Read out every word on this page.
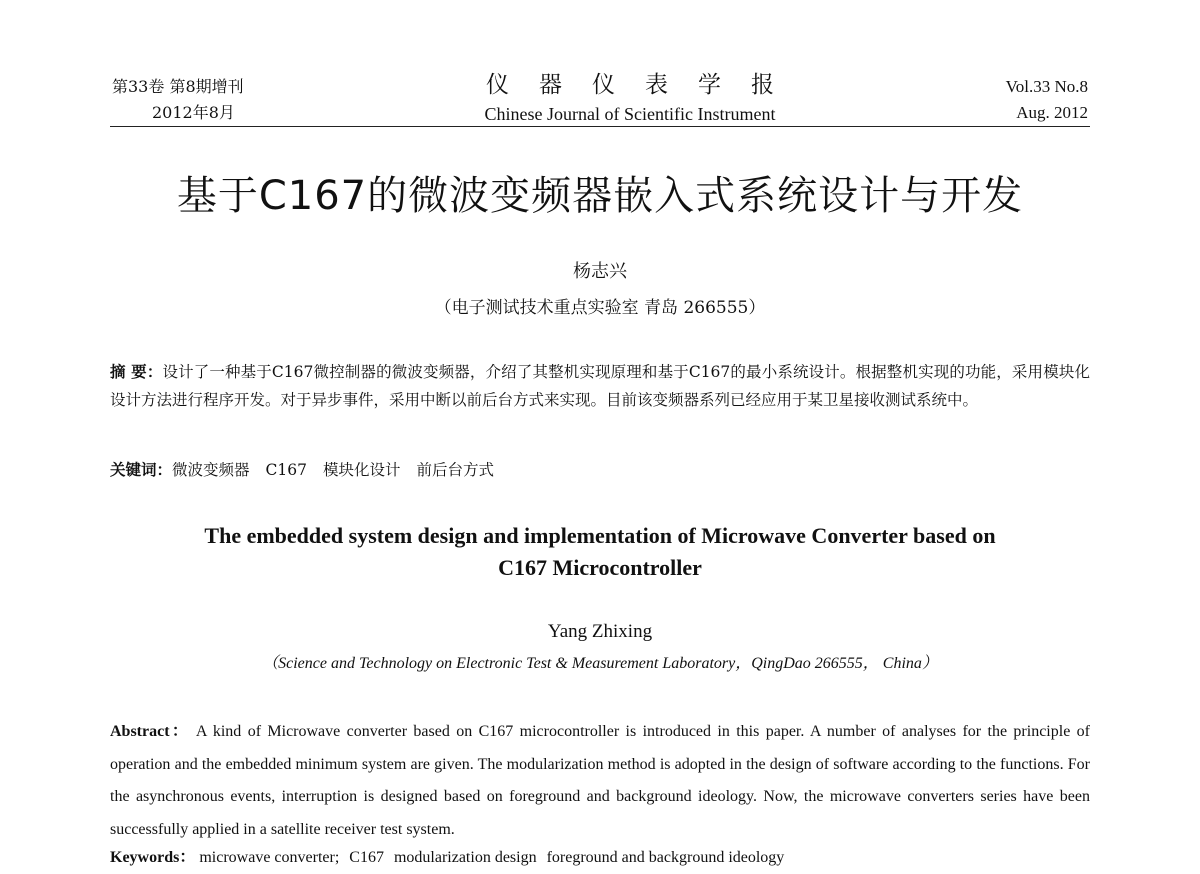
第33卷 第8期增刊
2012年8月
仪器仪表学报
Chinese Journal of Scientific Instrument
Vol.33 No.8
Aug. 2012
基于C167的微波变频器嵌入式系统设计与开发
杨志兴
（电子测试技术重点实验室 青岛 266555）
摘 要：设计了一种基于C167微控制器的微波变频器，介绍了其整机实现原理和基于C167的最小系统设计。根据整机实现的功能，采用模块化设计方法进行程序开发。对于异步事件，采用中断以前后台方式来实现。目前该变频器系列已经应用于某卫星接收测试系统中。
关键词：微波变频器 C167 模块化设计 前后台方式
The embedded system design and implementation of Microwave Converter based on
C167 Microcontroller
Yang Zhixing
（Science and Technology on Electronic Test & Measurement Laboratory，QingDao 266555， China）
Abstract： A kind of Microwave converter based on C167 microcontroller is introduced in this paper. A number of analyses for the principle of operation and the embedded minimum system are given. The modularization method is adopted in the design of software according to the functions. For the asynchronous events, interruption is designed based on foreground and background ideology. Now, the microwave converters series have been successfully applied in a satellite receiver test system.
Keywords： microwave converter; C167 modularization design foreground and background ideology
